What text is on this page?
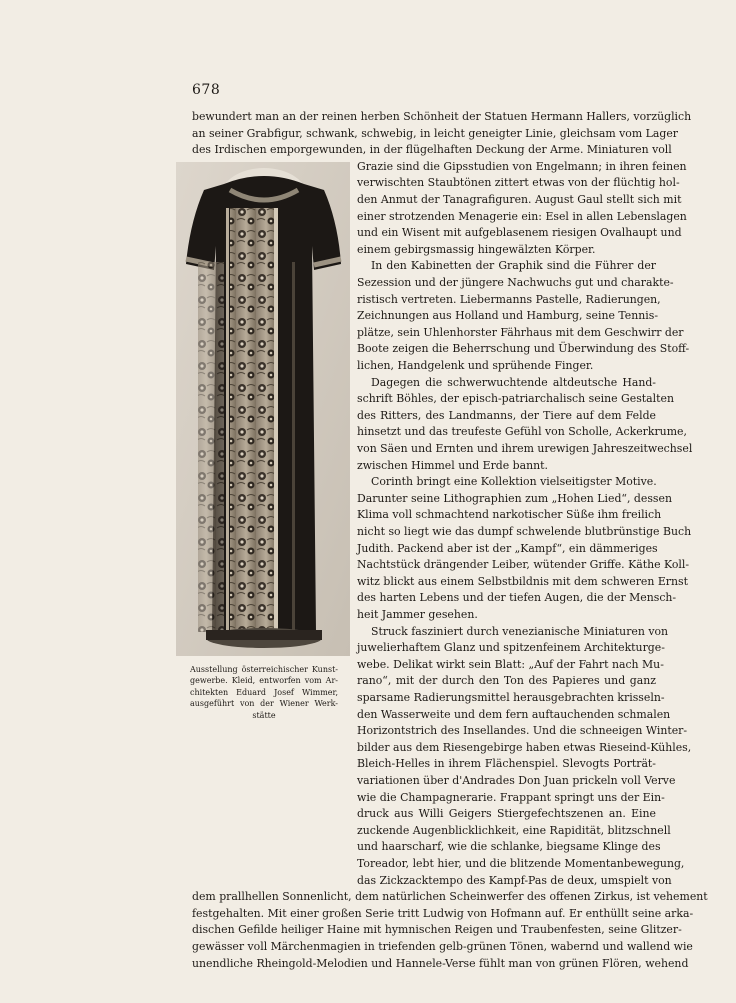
678
bewundert man an der reinen herben Schönheit der Statuen Hermann Hallers, vorzüglich
an seiner Grabfigur, schwank, schwebig, in leicht geneigter Linie, gleichsam vom Lager
des Irdischen emporgewunden, in der flügelhaften Deckung der Arme. Miniaturen voll
Ausstellung österreichischer Kunst-
gewerbe. Kleid, entworfen vom Ar-
chitekten Eduard Josef Wimmer,
ausgeführt von der Wiener Werk-
stätte
Grazie sind die Gipsstudien von Engelmann; in ihren feinen
verwischten Staubtönen zittert etwas von der flüchtig hol-
den Anmut der Tanagrafiguren. August Gaul stellt sich mit
einer strotzenden Menagerie ein: Esel in allen Lebenslagen
und ein Wisent mit aufgeblasenem riesigen Ovalhaupt und
einem gebirgsmassig hingewälzten Körper.
In den Kabinetten der Graphik sind die Führer der
Sezession und der jüngere Nachwuchs gut und charakte-
ristisch vertreten. Liebermanns Pastelle, Radierungen,
Zeichnungen aus Holland und Hamburg, seine Tennis-
plätze, sein Uhlenhorster Fährhaus mit dem Geschwirr der
Boote zeigen die Beherrschung und Überwindung des Stoff-
lichen, Handgelenk und sprühende Finger.
Dagegen die schwerwuchtende altdeutsche Hand-
schrift Böhles, der episch-patriarchalisch seine Gestalten
des Ritters, des Landmanns, der Tiere auf dem Felde
hinsetzt und das treufeste Gefühl von Scholle, Ackerkrume,
von Säen und Ernten und ihrem urewigen Jahreszeitwechsel
zwischen Himmel und Erde bannt.
Corinth bringt eine Kollektion vielseitigster Motive.
Darunter seine Lithographien zum „Hohen Lied“, dessen
Klima voll schmachtend narkotischer Süße ihm freilich
nicht so liegt wie das dumpf schwelende blutbrünstige Buch
Judith. Packend aber ist der „Kampf“, ein dämmeriges
Nachtstück drängender Leiber, wütender Griffe. Käthe Koll-
witz blickt aus einem Selbstbildnis mit dem schweren Ernst
des harten Lebens und der tiefen Augen, die der Mensch-
heit Jammer gesehen.
Struck fasziniert durch venezianische Miniaturen von
juwelierhaftem Glanz und spitzenfeinem Architekturge-
webe. Delikat wirkt sein Blatt: „Auf der Fahrt nach Mu-
rano“, mit der durch den Ton des Papieres und ganz
sparsame Radierungsmittel herausgebrachten krisseln-
den Wasserweite und dem fern auftauchenden schmalen
Horizontstrich des Insellandes. Und die schneeigen Winter-
bilder aus dem Riesengebirge haben etwas Rieseind-Kühles,
Bleich-Helles in ihrem Flächenspiel. Slevogts Porträt-
variationen über d'Andrades Don Juan prickeln voll Verve
wie die Champagnerarie. Frappant springt uns der Ein-
druck aus Willi Geigers Stiergefechtszenen an. Eine
zuckende Augenblicklichkeit, eine Rapidität, blitzschnell
und haarscharf, wie die schlanke, biegsame Klinge des
Toreador, lebt hier, und die blitzende Momentanbewegung,
das Zickzacktempo des Kampf-Pas de deux, umspielt von
dem prallhellen Sonnenlicht, dem natürlichen Scheinwerfer des offenen Zirkus, ist vehement
festgehalten. Mit einer großen Serie tritt Ludwig von Hofmann auf. Er enthüllt seine arka-
dischen Gefilde heiliger Haine mit hymnischen Reigen und Traubenfesten, seine Glitzer-
gewässer voll Märchenmagien in triefenden gelb-grünen Tönen, wabernd und wallend wie
unendliche Rheingold-Melodien und Hannele-Verse fühlt man von grünen Flören, wehend
